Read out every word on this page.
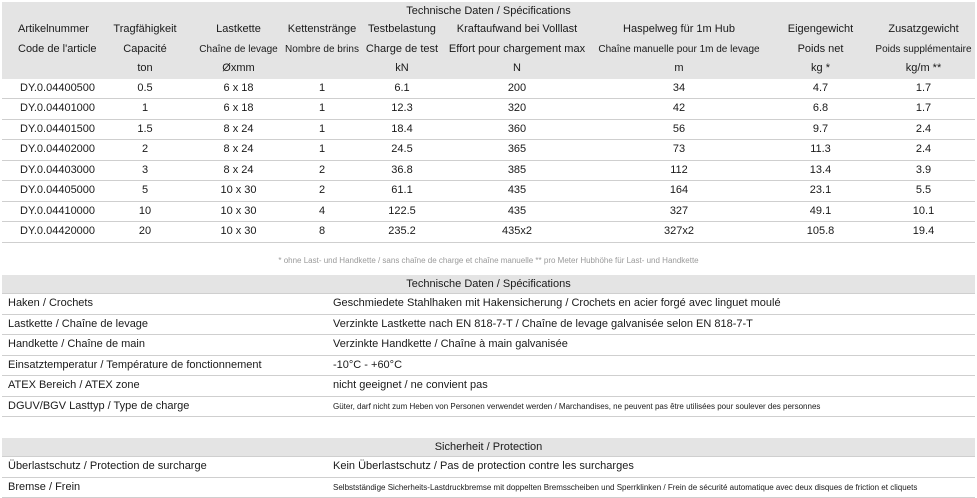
Technische Daten / Spécifications
Artikelnummer	Tragfähigkeit	Lastkette	Kettenstränge	Testbelastung	Kraftaufwand bei Volllast	Haspelweg für 1m Hub	Eigengewicht	Zusatzgewicht
Code de l'article	Capacité	Chaîne de levage	Nombre de brins	Charge de test	Effort pour chargement max	Chaîne manuelle pour 1m de levage	Poids net	Poids supplémentaire
	ton	Øxmm		kN	N	m	kg *	kg/m **
DY.0.04400500	0.5	6 x 18	1	6.1	200	34	4.7	1.7
DY.0.04401000	1	6 x 18	1	12.3	320	42	6.8	1.7
DY.0.04401500	1.5	8 x 24	1	18.4	360	56	9.7	2.4
DY.0.04402000	2	8 x 24	1	24.5	365	73	11.3	2.4
DY.0.04403000	3	8 x 24	2	36.8	385	112	13.4	3.9
DY.0.04405000	5	10 x 30	2	61.1	435	164	23.1	5.5
DY.0.04410000	10	10 x 30	4	122.5	435	327	49.1	10.1
DY.0.04420000	20	10 x 30	8	235.2	435x2	327x2	105.8	19.4
* ohne Last- und Handkette / sans chaîne de charge et chaîne manuelle ** pro Meter Hubhöhe für Last- und Handkette
Technische Daten / Spécifications
Haken / Crochets	Geschmiedete Stahlhaken mit Hakensicherung / Crochets en acier forgé avec linguet moulé
Lastkette / Chaîne de levage	Verzinkte Lastkette nach EN 818-7-T / Chaîne de levage galvanisée selon EN 818-7-T
Handkette / Chaîne de main	Verzinkte Handkette / Chaîne à main galvanisée
Einsatztemperatur / Température de fonctionnement	-10°C - +60°C
ATEX Bereich / ATEX zone	nicht geeignet / ne convient pas
DGUV/BGV Lasttyp / Type de charge	Güter, darf nicht zum Heben von Personen verwendet werden / Marchandises, ne peuvent pas être utilisées pour soulever des personnes
Sicherheit / Protection
Überlastschutz / Protection de surcharge	Kein Überlastschutz / Pas de protection contre les surcharges
Bremse / Frein	Selbstständige Sicherheits-Lastdruckbremse mit doppelten Bremsscheiben und Sperrklinken / Frein de sécurité automatique avec deux disques de friction et cliquets
